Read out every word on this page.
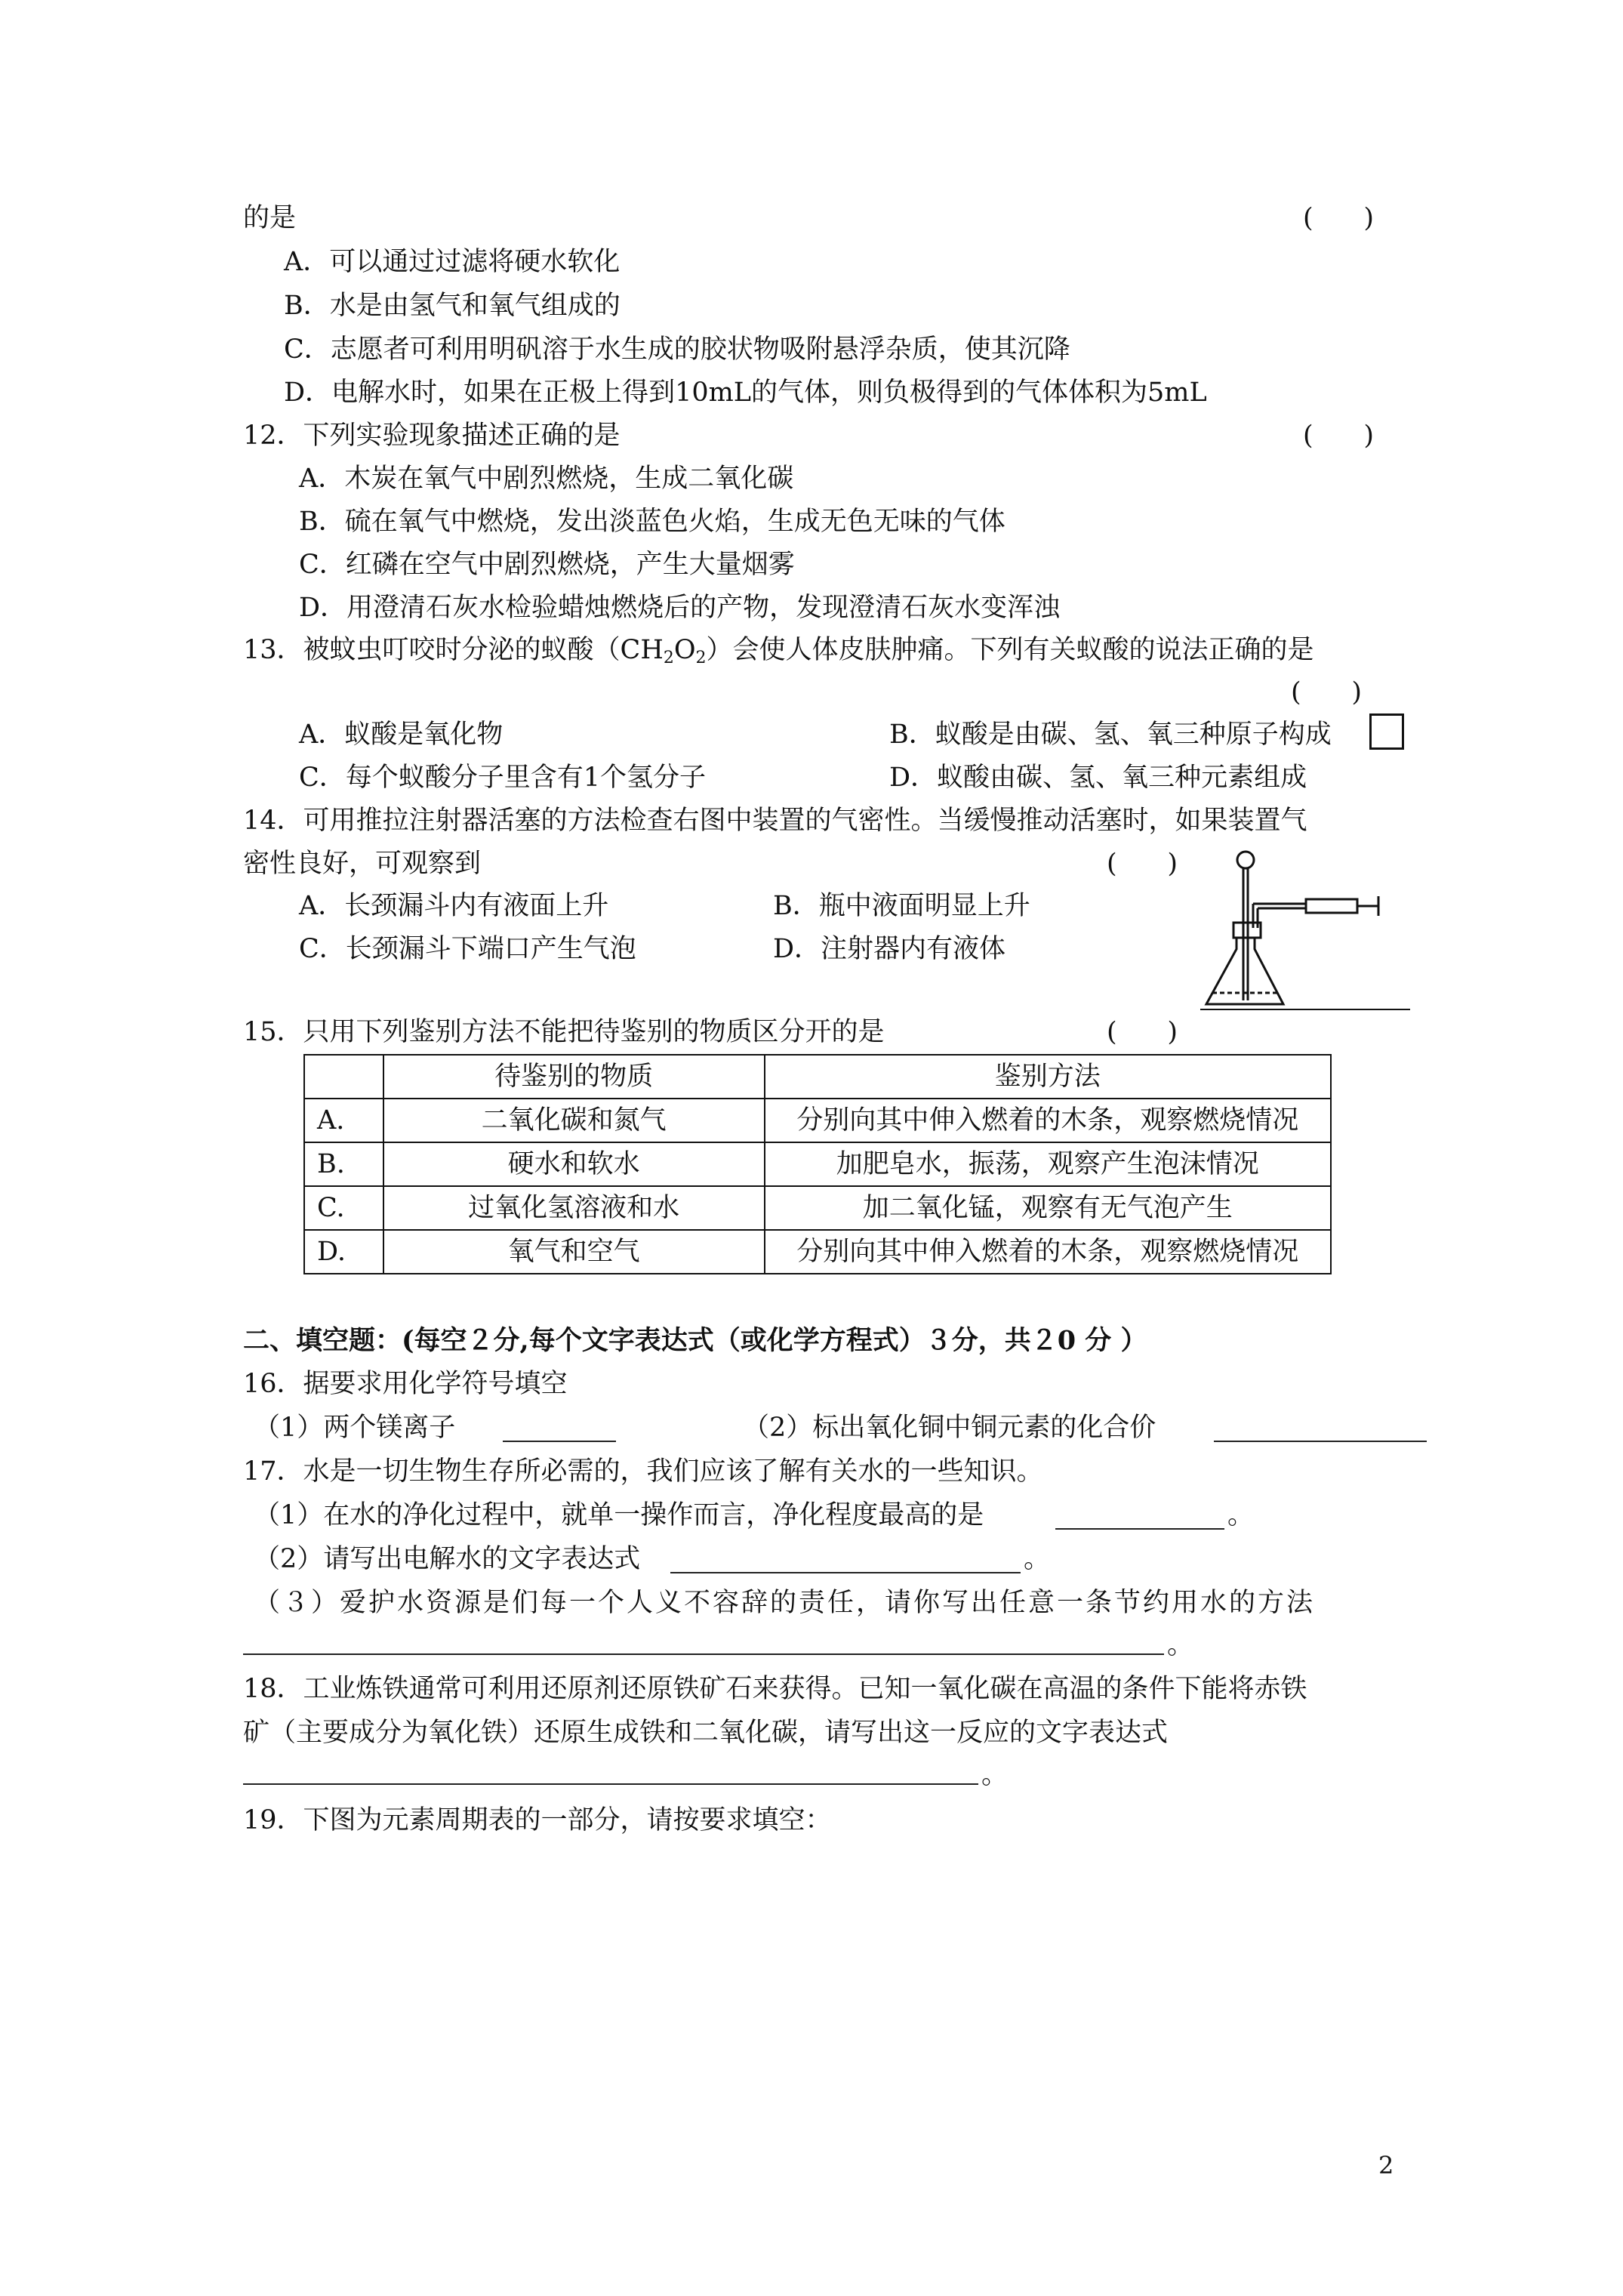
的是	(      )
A．可以通过过滤将硬水软化
B．水是由氢气和氧气组成的
C．志愿者可利用明矾溶于水生成的胶状物吸附悬浮杂质，使其沉降
D．电解水时，如果在正极上得到10mL的气体，则负极得到的气体体积为5mL
12．下列实验现象描述正确的是	(      )
A．木炭在氧气中剧烈燃烧，生成二氧化碳
B．硫在氧气中燃烧，发出淡蓝色火焰，生成无色无味的气体
C．红磷在空气中剧烈燃烧，产生大量烟雾
D．用澄清石灰水检验蜡烛燃烧后的产物，发现澄清石灰水变浑浊
13．被蚊虫叮咬时分泌的蚁酸$(CH_2O_2)$会使人体皮肤肿痛。下列有关蚁酸的说法正确的是
(      )
A．蚁酸是氧化物	B．蚁酸是由碳、氢、氧三种原子构成
C．每个蚁酸分子里含有1个氢分子	D．蚁酸由碳、氢、氧三种元素组成
14．可用推拉注射器活塞的方法检查右图中装置的气密性。当缓慢推动活塞时，如果装置气
密性良好，可观察到	(      )
A．长颈漏斗内有液面上升	B．瓶中液面明显上升
C．长颈漏斗下端口产生气泡	D．注射器内有液体
15．只用下列鉴别方法不能把待鉴别的物质区分开的是	(      )
	待鉴别的物质	鉴别方法
A.	二氧化碳和氮气	分别向其中伸入燃着的木条，观察燃烧情况
B.	硬水和软水	加肥皂水，振荡，观察产生泡沫情况
C.	过氧化氢溶液和水	加二氧化锰，观察有无气泡产生
D.	氧气和空气	分别向其中伸入燃着的木条，观察燃烧情况
二、填空题：(每空２分,每个文字表达式（或化学方程式）３分，共２0 分 ）
16．据要求用化学符号填空
（1）两个镁离子	（2）标出氧化铜中铜元素的化合价
17．水是一切生物生存所必需的，我们应该了解有关水的一些知识。
（1）在水的净化过程中，就单一操作而言，净化程度最高的是	。
（2）请写出电解水的文字表达式	。
（３）爱护水资源是们每一个人义不容辞的责任，请你写出任意一条节约用水的方法
。
18．工业炼铁通常可利用还原剂还原铁矿石来获得。已知一氧化碳在高温的条件下能将赤铁
矿（主要成分为氧化铁）还原生成铁和二氧化碳，请写出这一反应的文字表达式
。
19．下图为元素周期表的一部分，请按要求填空：
2
